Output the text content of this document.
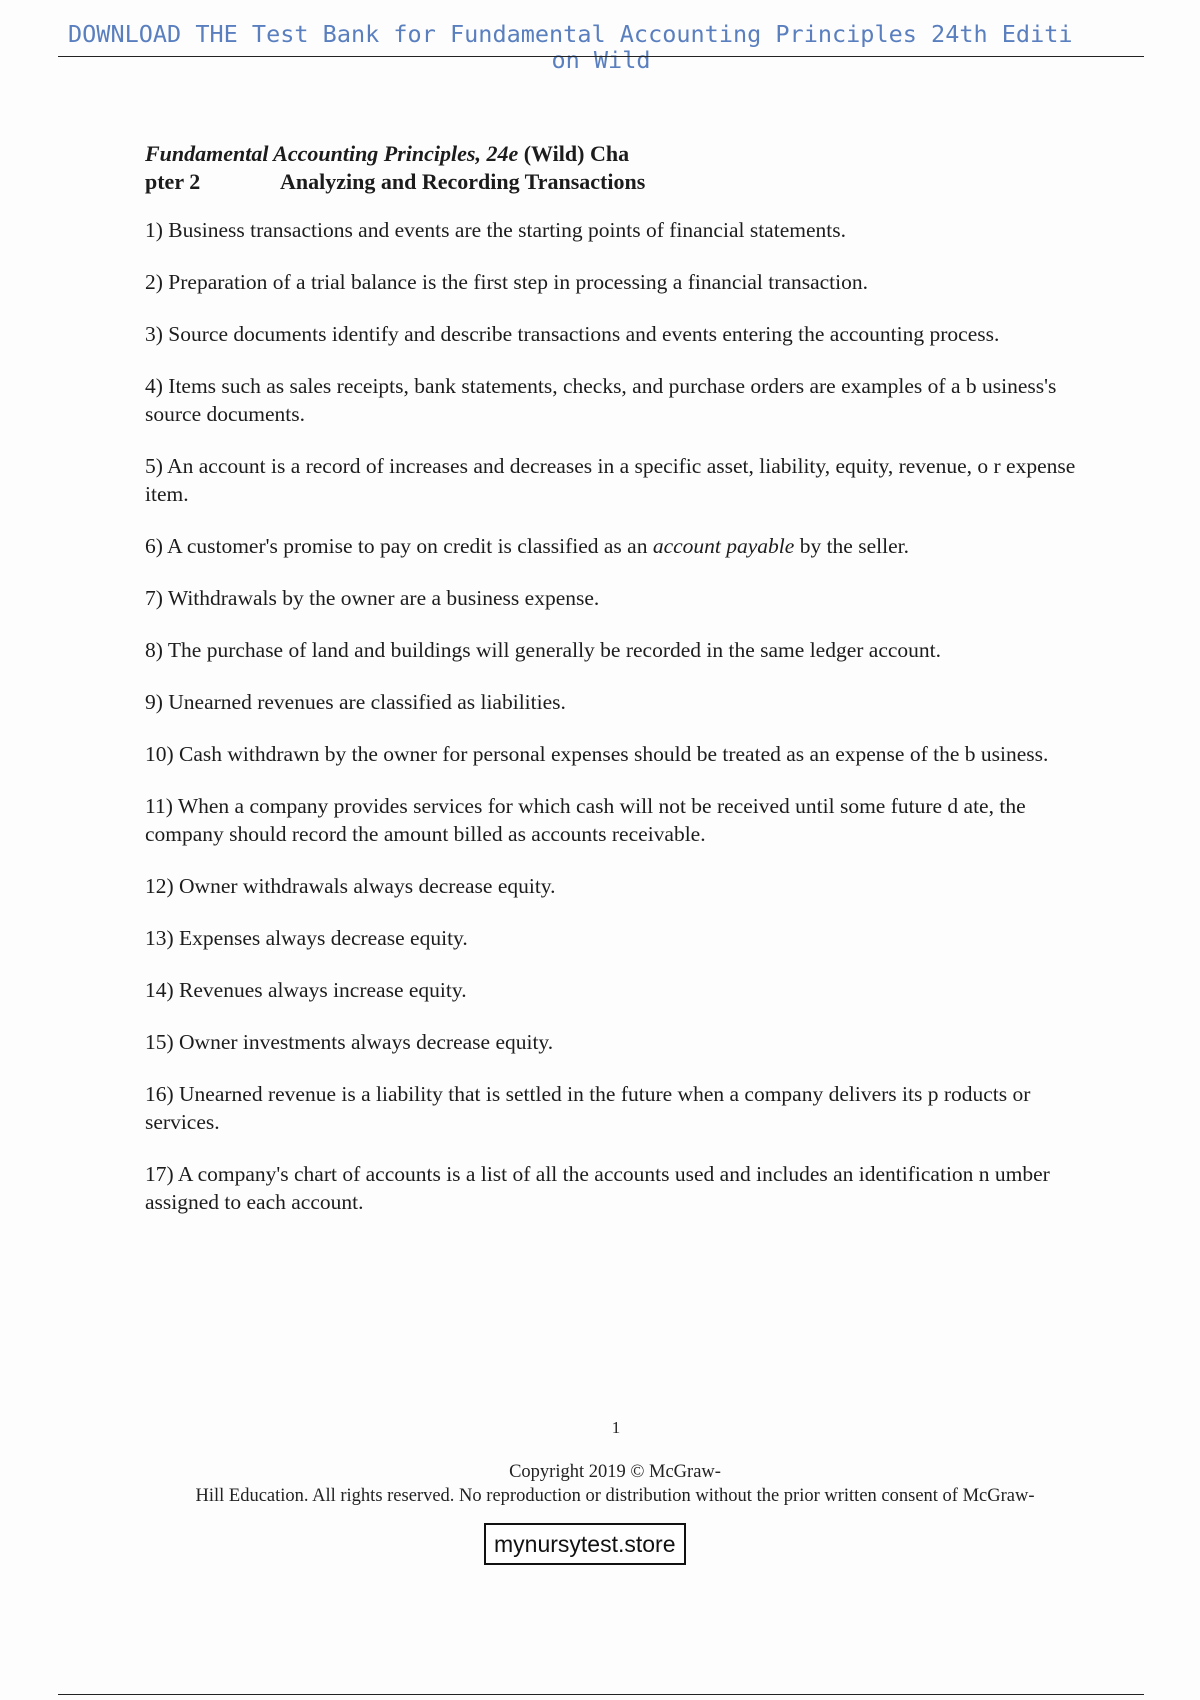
DOWNLOAD THE Test Bank for Fundamental Accounting Principles 24th Editi
on Wild
Fundamental Accounting Principles, 24e (Wild) Cha
pter 2	Analyzing and Recording Transactions
1) Business transactions and events are the starting points of financial statements.
2) Preparation of a trial balance is the first step in processing a financial transaction.
3) Source documents identify and describe transactions and events entering the accounting process.
4) Items such as sales receipts, bank statements, checks, and purchase orders are examples of a b usiness's source documents.
5) An account is a record of increases and decreases in a specific asset, liability, equity, revenue, o r expense item.
6) A customer's promise to pay on credit is classified as an account payable by the seller.
7) Withdrawals by the owner are a business expense.
8) The purchase of land and buildings will generally be recorded in the same ledger account.
9) Unearned revenues are classified as liabilities.
10) Cash withdrawn by the owner for personal expenses should be treated as an expense of the b usiness.
11) When a company provides services for which cash will not be received until some future d ate, the company should record the amount billed as accounts receivable.
12) Owner withdrawals always decrease equity.
13) Expenses always decrease equity.
14) Revenues always increase equity.
15) Owner investments always decrease equity.
16) Unearned revenue is a liability that is settled in the future when a company delivers its p roducts or services.
17) A company's chart of accounts is a list of all the accounts used and includes an identification n umber assigned to each account.
1
Copyright 2019 © McGraw-
Hill Education. All rights reserved. No reproduction or distribution without the prior written consent of McGraw-
mynursytest.store
